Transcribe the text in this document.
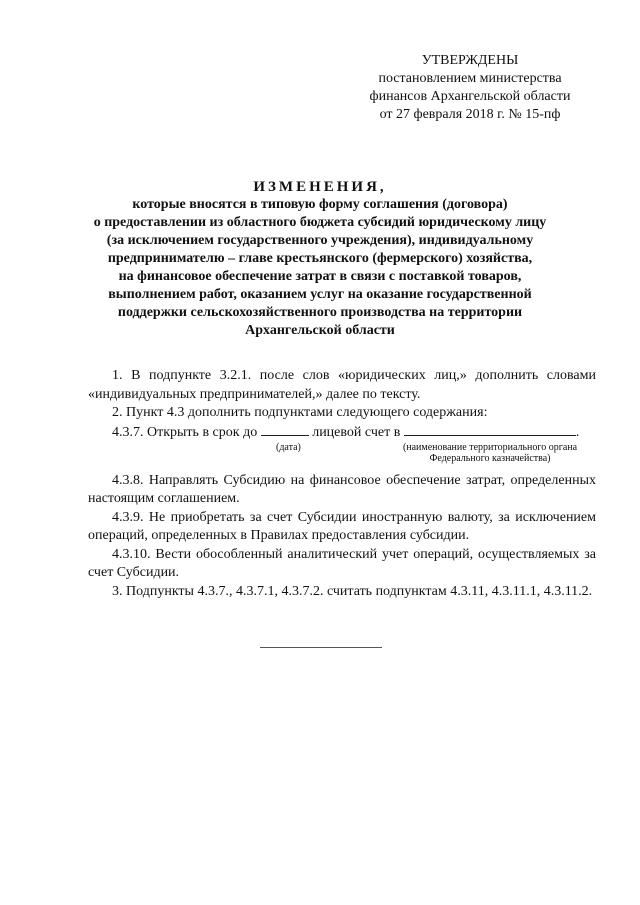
УТВЕРЖДЕНЫ
постановлением министерства
финансов Архангельской области
от 27 февраля 2018 г. № 15-пф
ИЗМЕНЕНИЯ,
которые вносятся в типовую форму соглашения (договора)
о предоставлении из областного бюджета субсидий юридическому лицу
(за исключением государственного учреждения), индивидуальному
предпринимателю – главе крестьянского (фермерского) хозяйства,
на финансовое обеспечение затрат в связи с поставкой товаров,
выполнением работ, оказанием услуг на оказание государственной
поддержки сельскохозяйственного производства на территории
Архангельской области
1. В подпункте 3.2.1. после слов «юридических лиц,» дополнить словами «индивидуальных предпринимателей,» далее по тексту.
2. Пункт 4.3 дополнить подпунктами следующего содержания:
4.3.7. Открыть в срок до	лицевой счет в	.
(дата)	(наименование территориального органа Федерального казначейства)
4.3.8. Направлять Субсидию на финансовое обеспечение затрат, определенных настоящим соглашением.
4.3.9. Не приобретать за счет Субсидии иностранную валюту, за исключением операций, определенных в Правилах предоставления субсидии.
4.3.10. Вести обособленный аналитический учет операций, осуществляемых за счет Субсидии.
3. Подпункты 4.3.7., 4.3.7.1, 4.3.7.2. считать подпунктам 4.3.11, 4.3.11.1, 4.3.11.2.
